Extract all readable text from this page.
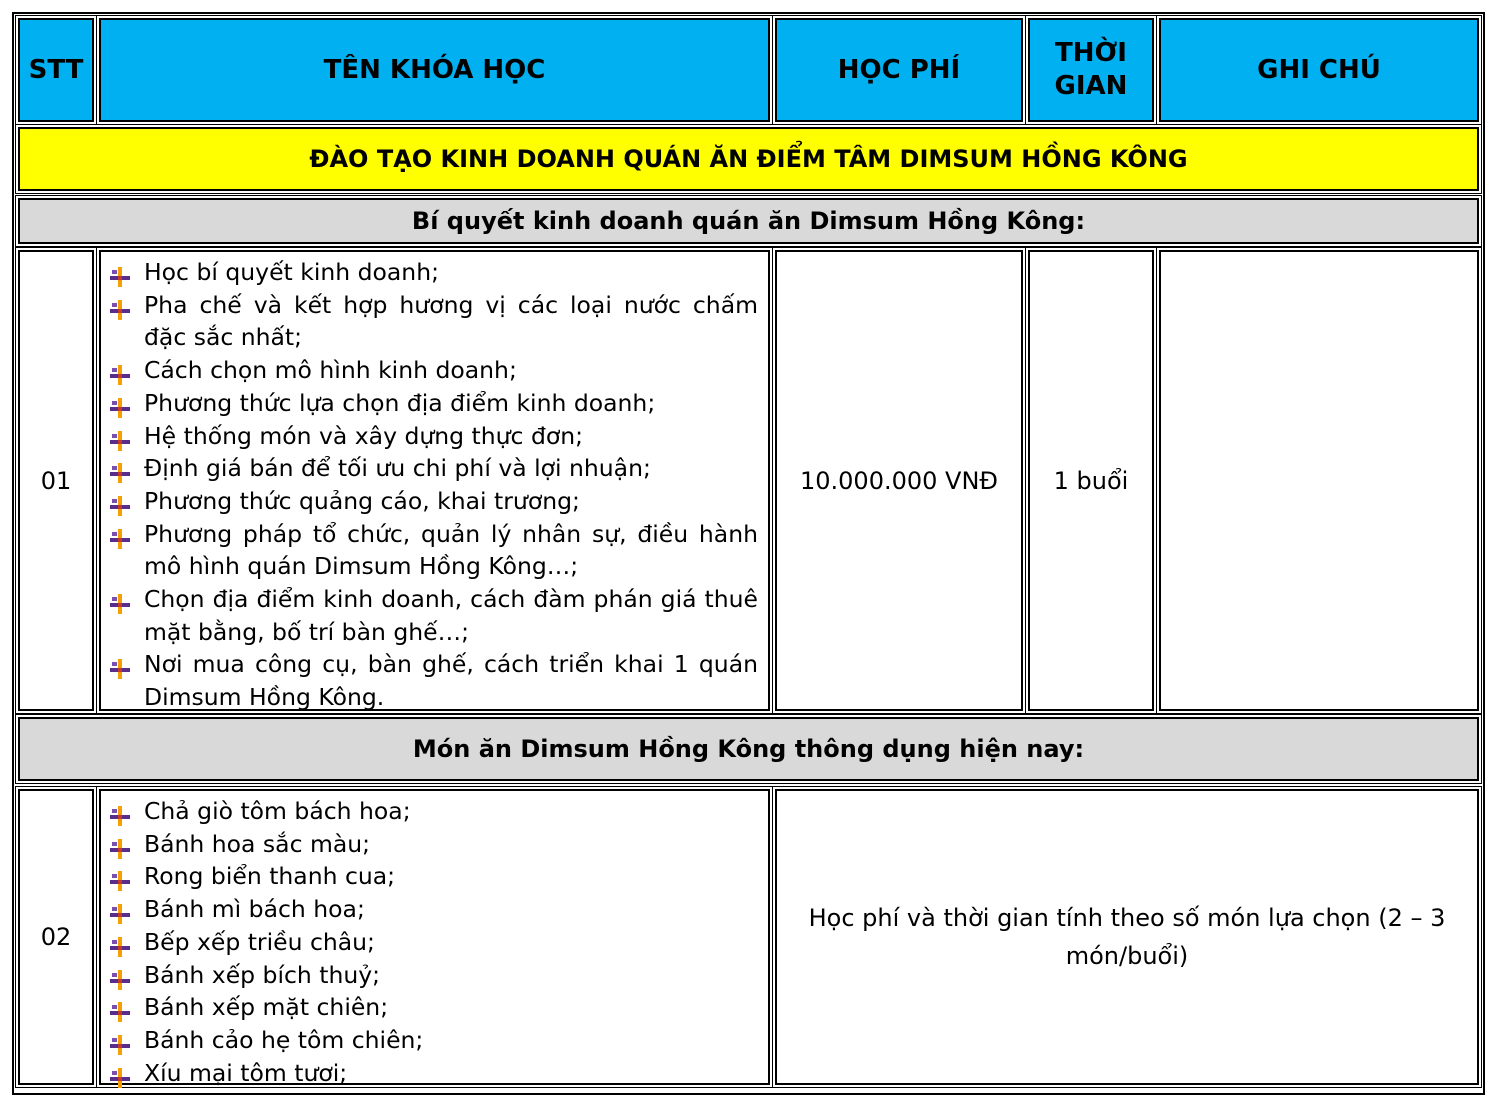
STT	TÊN KHÓA HỌC	HỌC PHÍ
THỜI
GIAN
GHI CHÚ
ĐÀO TẠO KINH DOANH QUÁN ĂN ĐIỂM TÂM DIMSUM HỒNG KÔNG
Bí quyết kinh doanh quán ăn Dimsum Hồng Kông:
01
Học bí quyết kinh doanh;
Pha chế và kết hợp hương vị các loại nước chấm đặc sắc nhất;
Cách chọn mô hình kinh doanh;
Phương thức lựa chọn địa điểm kinh doanh;
Hệ thống món và xây dựng thực đơn;
Định giá bán để tối ưu chi phí và lợi nhuận;
Phương thức quảng cáo, khai trương;
Phương pháp tổ chức, quản lý nhân sự, điều hành mô hình quán Dimsum Hồng Kông…;
Chọn địa điểm kinh doanh, cách đàm phán giá thuê mặt bằng, bố trí bàn ghế…;
Nơi mua công cụ, bàn ghế, cách triển khai 1 quán Dimsum Hồng Kông.
10.000.000 VNĐ 1 buổi
Món ăn Dimsum Hồng Kông thông dụng hiện nay:
02
Chả giò tôm bách hoa;
Bánh hoa sắc màu;
Rong biển thanh cua;
Bánh mì bách hoa;
Bếp xếp triều châu;
Bánh xếp bích thuỷ;
Bánh xếp mặt chiên;
Bánh cảo hẹ tôm chiên;
Xíu mại tôm tươi;
Học phí và thời gian tính theo số món lựa chọn (2 – 3 món/buổi)
